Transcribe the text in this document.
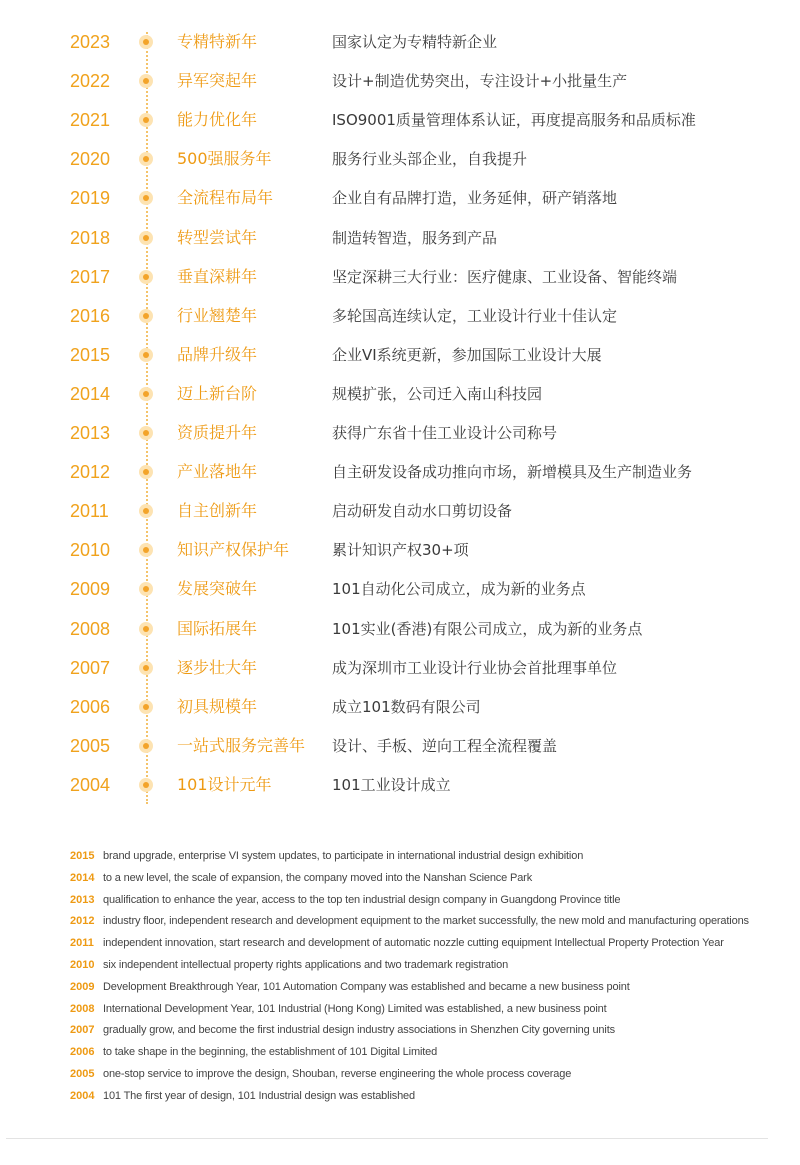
2023	专精特新年	国家认定为专精特新企业
2022	异军突起年	设计+制造优势突出，专注设计+小批量生产
2021	能力优化年	ISO9001质量管理体系认证，再度提高服务和品质标准
2020	500强服务年	服务行业头部企业，自我提升
2019	全流程布局年	企业自有品牌打造，业务延伸，研产销落地
2018	转型尝试年	制造转智造，服务到产品
2017	垂直深耕年	坚定深耕三大行业：医疗健康、工业设备、智能终端
2016	行业翘楚年	多轮国高连续认定，工业设计行业十佳认定
2015	品牌升级年	企业VI系统更新，参加国际工业设计大展
2014	迈上新台阶	规模扩张，公司迁入南山科技园
2013	资质提升年	获得广东省十佳工业设计公司称号
2012	产业落地年	自主研发设备成功推向市场，新增模具及生产制造业务
2011	自主创新年	启动研发自动水口剪切设备
2010	知识产权保护年	累计知识产权30+项
2009	发展突破年	101自动化公司成立，成为新的业务点
2008	国际拓展年	101实业(香港)有限公司成立，成为新的业务点
2007	逐步壮大年	成为深圳市工业设计行业协会首批理事单位
2006	初具规模年	成立101数码有限公司
2005	一站式服务完善年 设计、手板、逆向工程全流程覆盖
2004	101设计元年	101工业设计成立
2015 brand upgrade, enterprise VI system updates, to participate in international industrial design exhibition
2014 to a new level, the scale of expansion, the company moved into the Nanshan Science Park
2013 qualification to enhance the year, access to the top ten industrial design company in Guangdong Province title
2012 industry floor, independent research and development equipment to the market successfully, the new mold and manufacturing operations
2011 independent innovation, start research and development of automatic nozzle cutting equipment Intellectual Property Protection Year
2010 six independent intellectual property rights applications and two trademark registration
2009 Development Breakthrough Year, 101 Automation Company was established and became a new business point
2008 International Development Year, 101 Industrial (Hong Kong) Limited was established, a new business point
2007 gradually grow, and become the first industrial design industry associations in Shenzhen City governing units
2006 to take shape in the beginning, the establishment of 101 Digital Limited
2005 one-stop service to improve the design, Shouban, reverse engineering the whole process coverage
2004 101 The first year of design, 101 Industrial design was established
